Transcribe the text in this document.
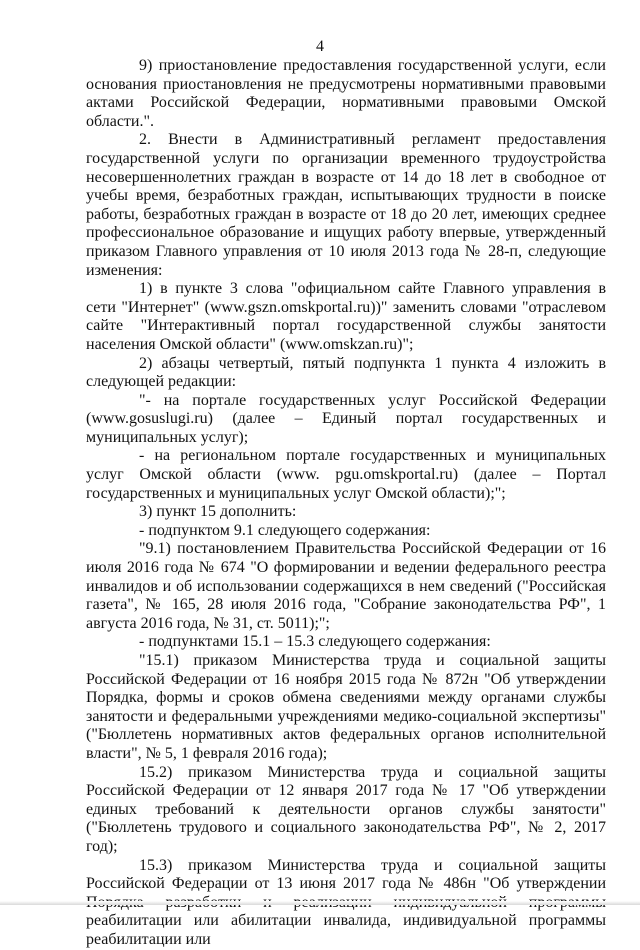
4

9) приостановление предоставления государственной услуги, если основания приостановления не предусмотрены нормативными правовыми актами Российской Федерации, нормативными правовыми Омской области.".

2. Внести в Административный регламент предоставления государственной услуги по организации временного трудоустройства несовершеннолетних граждан в возрасте от 14 до 18 лет в свободное от учебы время, безработных граждан, испытывающих трудности в поиске работы, безработных граждан в возрасте от 18 до 20 лет, имеющих среднее профессиональное образование и ищущих работу впервые, утвержденный приказом Главного управления от 10 июля 2013 года № 28-п, следующие изменения:

1) в пункте 3 слова "официальном сайте Главного управления в сети "Интернет" (www.gszn.omskportal.ru))" заменить словами "отраслевом сайте "Интерактивный портал государственной службы занятости населения Омской области" (www.omskzan.ru)";

2) абзацы четвертый, пятый подпункта 1 пункта 4 изложить в следующей редакции:

"- на портале государственных услуг Российской Федерации (www.gosuslugi.ru) (далее – Единый портал государственных и муниципальных услуг);

- на региональном портале государственных и муниципальных услуг Омской области (www. pgu.omskportal.ru) (далее – Портал государственных и муниципальных услуг Омской области);";

3) пункт 15 дополнить:

- подпунктом 9.1 следующего содержания:

"9.1) постановлением Правительства Российской Федерации от 16 июля 2016 года № 674 "О формировании и ведении федерального реестра инвалидов и об использовании содержащихся в нем сведений ("Российская газета", № 165, 28 июля 2016 года, "Собрание законодательства РФ", 1 августа 2016 года, № 31, ст. 5011);";

- подпунктами 15.1 – 15.3 следующего содержания:

"15.1) приказом Министерства труда и социальной защиты Российской Федерации от 16 ноября 2015 года № 872н "Об утверждении Порядка, формы и сроков обмена сведениями между органами службы занятости и федеральными учреждениями медико-социальной экспертизы" ("Бюллетень нормативных актов федеральных органов исполнительной власти", № 5, 1 февраля 2016 года);

15.2) приказом Министерства труда и социальной защиты Российской Федерации от 12 января 2017 года № 17 "Об утверждении единых требований к деятельности органов службы занятости" ("Бюллетень трудового и социального законодательства РФ", № 2, 2017 год);

15.3) приказом Министерства труда и социальной защиты Российской Федерации от 13 июня 2017 года № 486н "Об утверждении реабилитации или абилитации инвалида, индивидуальной программы реабилитации или
